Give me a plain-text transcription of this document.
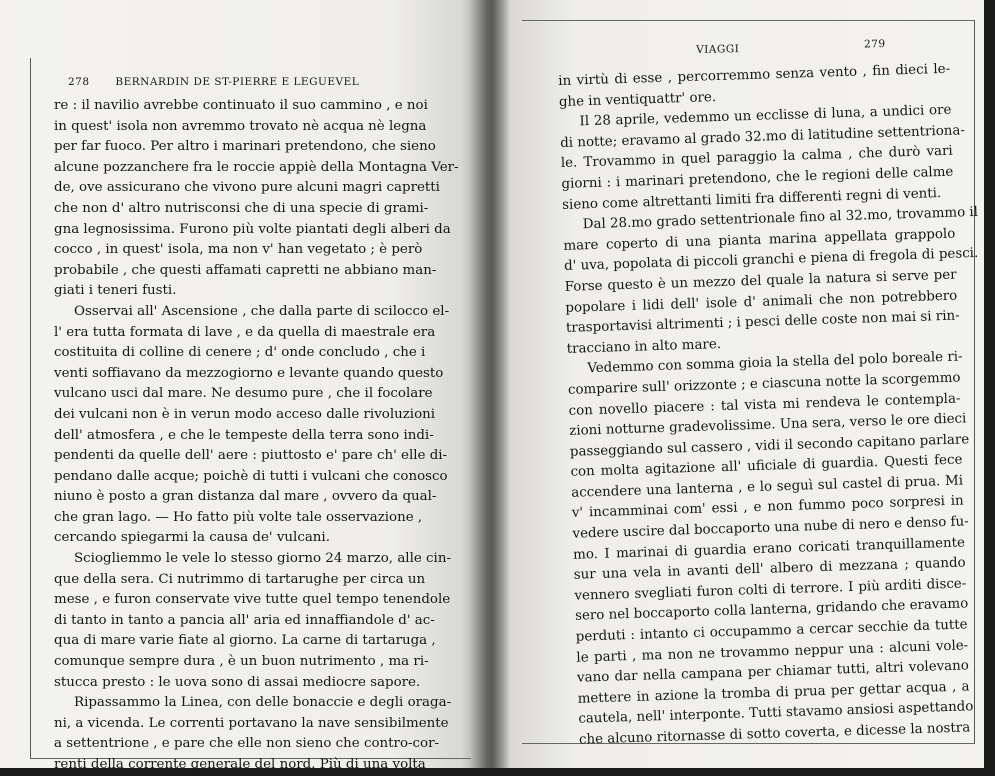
278 BERNARDIN DE ST-PIERRE E LEGUEVEL
re : il navilio avrebbe continuato il suo cammino , e noi
in quest' isola non avremmo trovato nè acqua nè legna
per far fuoco. Per altro i marinari pretendono, che sieno
alcune pozzanchere fra le roccie appiè della Montagna Ver-
de, ove assicurano che vivono pure alcuni magri capretti
che non d' altro nutrisconsi che di una specie di grami-
gna legnosissima. Furono più volte piantati degli alberi da
cocco , in quest' isola, ma non v' han vegetato ; è però
probabile , che questi affamati capretti ne abbiano man-
giati i teneri fusti.
Osservai all' Ascensione , che dalla parte di scilocco el-
l' era tutta formata di lave , e da quella di maestrale era
costituita di colline di cenere ; d' onde concludo , che i
venti soffiavano da mezzogiorno e levante quando questo
vulcano usci dal mare. Ne desumo pure , che il focolare
dei vulcani non è in verun modo acceso dalle rivoluzioni
dell' atmosfera , e che le tempeste della terra sono indi-
pendenti da quelle dell' aere : piuttosto e' pare ch' elle di-
pendano dalle acque; poichè di tutti i vulcani che conosco
niuno è posto a gran distanza dal mare , ovvero da qual-
che gran lago. — Ho fatto più volte tale osservazione ,
cercando spiegarmi la causa de' vulcani.
Sciogliemmo le vele lo stesso giorno 24 marzo, alle cin-
que della sera. Ci nutrimmo di tartarughe per circa un
mese , e furon conservate vive tutte quel tempo tenendole
di tanto in tanto a pancia all' aria ed innaffiandole d' ac-
qua di mare varie fiate al giorno. La carne di tartaruga ,
comunque sempre dura , è un buon nutrimento , ma ri-
stucca presto : le uova sono di assai mediocre sapore.
Ripassammo la Linea, con delle bonaccie e degli oraga-
ni, a vicenda. Le correnti portavano la nave sensibilmente
a settentrione , e pare che elle non sieno che contro-cor-
renti della corrente generale del nord. Più di una volta
VIAGGI	279
in virtù di esse , percorremmo senza vento , fin dieci le-
ghe in ventiquattr' ore.
Il 28 aprile, vedemmo un ecclisse di luna, a undici ore
di notte; eravamo al grado 32.mo di latitudine settentriona-
le. Trovammo in quel paraggio la calma , che durò vari
giorni : i marinari pretendono, che le regioni delle calme
sieno come altrettanti limiti fra differenti regni di venti.
Dal 28.mo grado settentrionale fino al 32.mo, trovammo il
mare coperto di una pianta marina appellata grappolo
d' uva, popolata di piccoli granchi e piena di fregola di pesci.
Forse questo è un mezzo del quale la natura si serve per
popolare i lidi dell' isole d' animali che non potrebbero
trasportavisi altrimenti ; i pesci delle coste non mai si rin-
tracciano in alto mare.
Vedemmo con somma gioia la stella del polo boreale ri-
comparire sull' orizzonte ; e ciascuna notte la scorgemmo
con novello piacere : tal vista mi rendeva le contempla-
zioni notturne gradevolissime. Una sera, verso le ore dieci
passeggiando sul cassero , vidi il secondo capitano parlare
con molta agitazione all' uficiale di guardia. Questi fece
accendere una lanterna , e lo seguì sul castel di prua. Mi
v' incamminai com' essi , e non fummo poco sorpresi in
vedere uscire dal boccaporto una nube di nero e denso fu-
mo. I marinai di guardia erano coricati tranquillamente
sur una vela in avanti dell' albero di mezzana ; quando
vennero svegliati furon colti di terrore. I più arditi disce-
sero nel boccaporto colla lanterna, gridando che eravamo
perduti : intanto ci occupammo a cercar secchie da tutte
le parti , ma non ne trovammo neppur una : alcuni vole-
vano dar nella campana per chiamar tutti, altri volevano
mettere in azione la tromba di prua per gettar acqua , a
cautela, nell' interponte. Tutti stavamo ansiosi aspettando
che alcuno ritornasse di sotto coverta, e dicesse la nostra
